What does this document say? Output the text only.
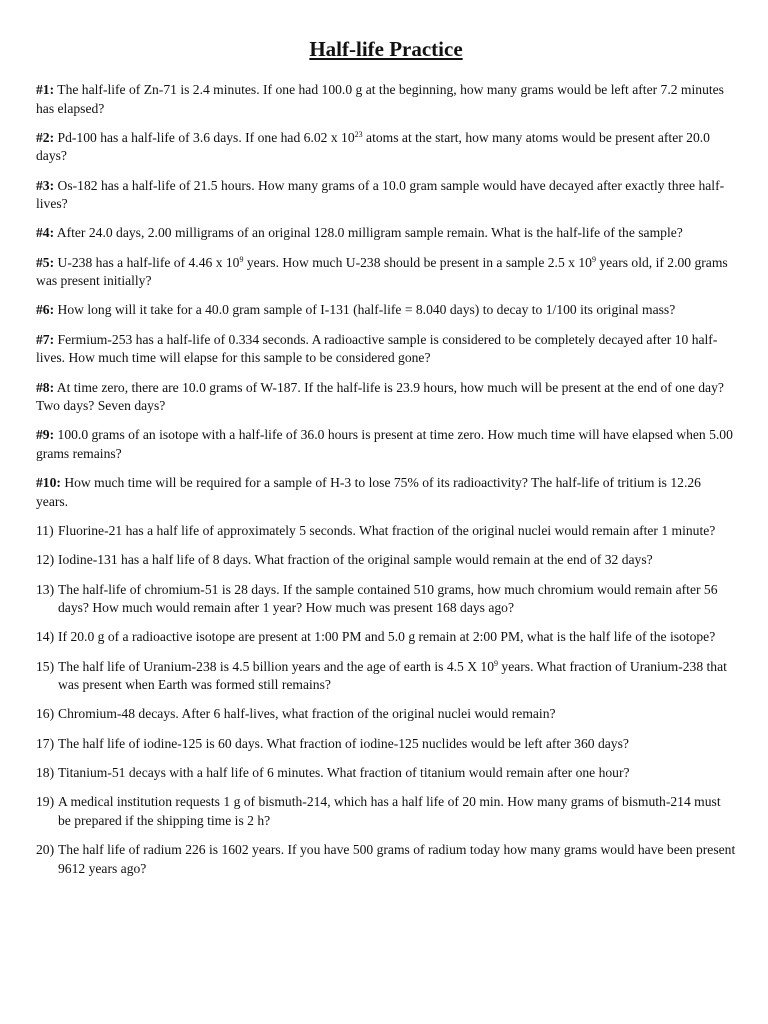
Half-life Practice

#1: The half-life of Zn-71 is 2.4 minutes. If one had 100.0 g at the beginning, how many grams would be left after 7.2 minutes has elapsed?

#2: Pd-100 has a half-life of 3.6 days. If one had 6.02 x $10^{23}$ atoms at the start, how many atoms would be present after 20.0 days?

#3: Os-182 has a half-life of 21.5 hours. How many grams of a 10.0 gram sample would have decayed after exactly three half-lives?

#4: After 24.0 days, 2.00 milligrams of an original 128.0 milligram sample remain. What is the half-life of the sample?

#5: U-238 has a half-life of 4.46 x $10^9$ years. How much U-238 should be present in a sample 2.5 x $10^9$ years old, if 2.00 grams was present initially?

#6: How long will it take for a 40.0 gram sample of I-131 (half-life = 8.040 days) to decay to 1/100 its original mass?

#7: Fermium-253 has a half-life of 0.334 seconds. A radioactive sample is considered to be completely decayed after 10 half-lives. How much time will elapse for this sample to be considered gone?

#8: At time zero, there are 10.0 grams of W-187. If the half-life is 23.9 hours, how much will be present at the end of one day? Two days? Seven days?

#9: 100.0 grams of an isotope with a half-life of 36.0 hours is present at time zero. How much time will have elapsed when 5.00 grams remains?

#10: How much time will be required for a sample of H-3 to lose 75% of its radioactivity? The half-life of tritium is 12.26 years.

11) Fluorine-21 has a half life of approximately 5 seconds. What fraction of the original nuclei would remain after 1 minute?

12) Iodine-131 has a half life of 8 days. What fraction of the original sample would remain at the end of 32 days?

13) The half-life of chromium-51 is 28 days. If the sample contained 510 grams, how much chromium would remain after 56 days? How much would remain after 1 year? How much was present 168 days ago?

14) If 20.0 g of a radioactive isotope are present at 1:00 PM and 5.0 g remain at 2:00 PM, what is the half life of the isotope?

15) The half life of Uranium-238 is 4.5 billion years and the age of earth is 4.5 X $10^9$ years. What fraction of Uranium-238 that was present when Earth was formed still remains?

16) Chromium-48 decays. After 6 half-lives, what fraction of the original nuclei would remain?

17) The half life of iodine-125 is 60 days. What fraction of iodine-125 nuclides would be left after 360 days?

18) Titanium-51 decays with a half life of 6 minutes. What fraction of titanium would remain after one hour?

19) A medical institution requests 1 g of bismuth-214, which has a half life of 20 min. How many grams of bismuth-214 must be prepared if the shipping time is 2 h?

20) The half life of radium 226 is 1602 years. If you have 500 grams of radium today how many grams would have been present 9612 years ago?
